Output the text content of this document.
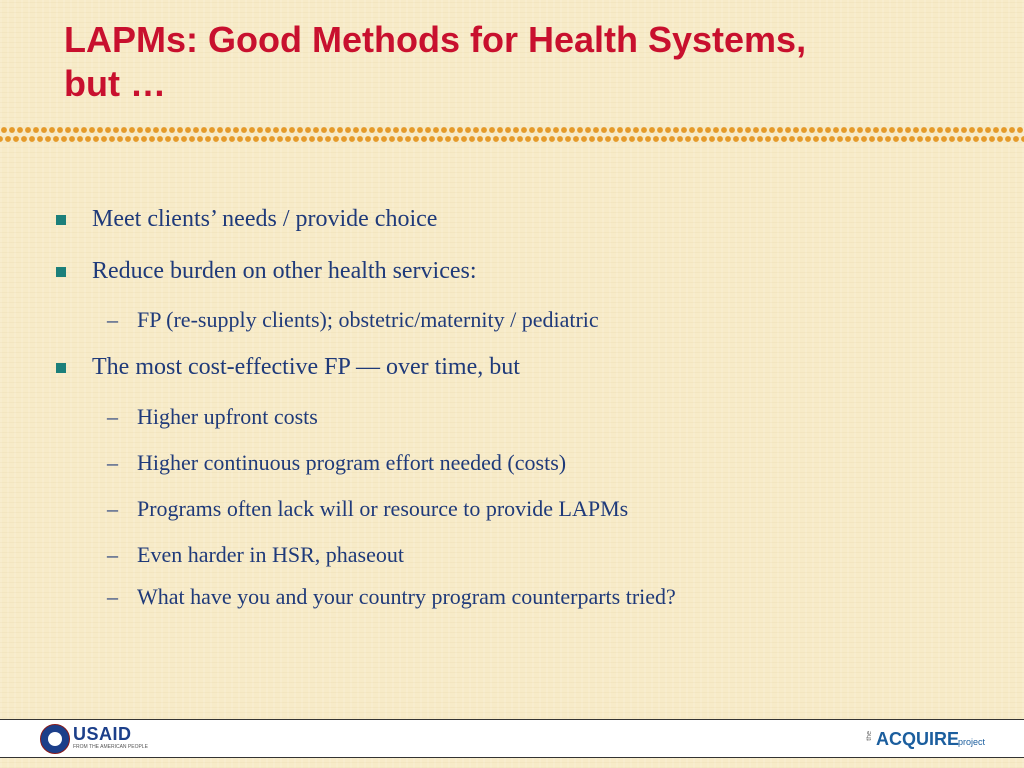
LAPMs: Good Methods for Health Systems,
but …
Meet clients’ needs / provide choice
Reduce burden on other health services:
– FP (re-supply clients); obstetric/maternity / pediatric
The most cost-effective FP — over time, but
– Higher upfront costs
– Higher continuous program effort needed (costs)
– Programs often lack will or resource to provide LAPMs
– Even harder in HSR, phaseout
– What have you and your country program counterparts tried?
USAID
FROM THE AMERICAN PEOPLE
the ACQUIRE
project
